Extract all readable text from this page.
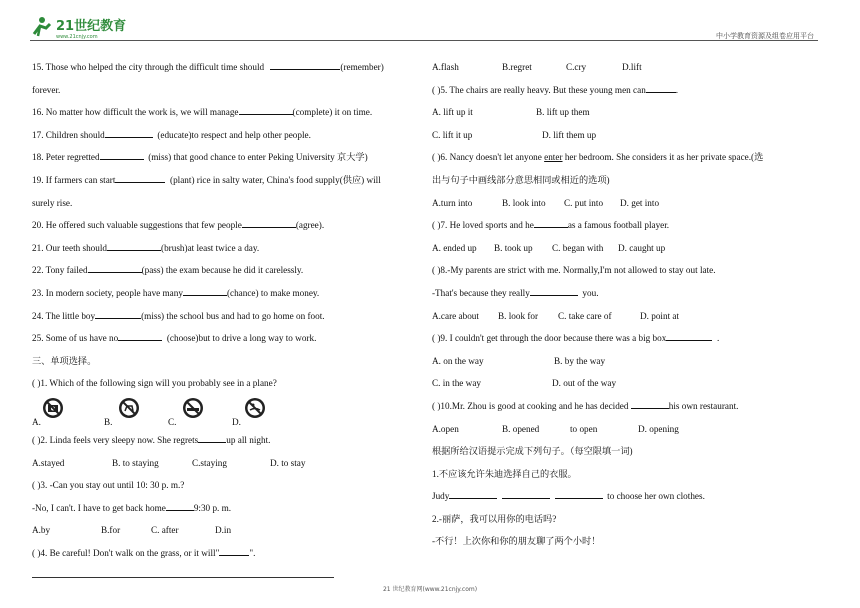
21世纪教育
www.21cnjy.com	中小学教育资源及组卷应用平台
15. Those who helped the city through the difficult time should	(remember)
forever.
16. No matter how difficult the work is, we will manage	(complete) it on time.
17. Children should	(educate)to respect and help other people.
18. Peter regretted	(miss) that good chance to enter Peking University 京大学)
19. If farmers can start	(plant) rice in salty water, China's food supply(供应) will
surely rise.
20. He offered such valuable suggestions that few people	(agree).
21. Our teeth should	(brush)at least twice a day.
22. Tony failed	(pass) the exam because he did it carelessly.
23. In modern society, people have many	(chance) to make money.
24. The little boy	(miss) the school bus and had to go home on foot.
25. Some of us have no	(choose)but to drive a long way to work.
三、单项选择。
( )1. Which of the following sign will you probably see in a plane?
A.	B.	C.	D.
( )2. Linda feels very sleepy now. She regrets	up all night.
A.stayed	B. to staying	C.staying	D. to stay
( )3. -Can you stay out until 10: 30 p. m.?
-No, I can't. I have to get back home	9:30 p. m.
A.by	B.for	C. after	D.in
( )4. Be careful! Don't walk on the grass, or it will"	".
A.flash	B.regret	C.cry	D.lift
( )5. The chairs are really heavy. But these young men can	.
A. lift up it	B. lift up them
C. lift it up	D. lift them up
( )6. Nancy doesn't let anyone enter her bedroom. She considers it as her private space.(选
出与句子中画线部分意思相同或相近的选项)
A.turn into	B. look into C. put into D. get into
( )7. He loved sports and he	as a famous football player.
A. ended up B. took up C. began with D. caught up
( )8.-My parents are strict with me. Normally,I'm not allowed to stay out late.
-That's because they really	you.
A.care about B. look for C. take care of	D. point at
( )9. I couldn't get through the door because there was a big box	.
A. on the way	B. by the way
C. in the way	D. out of the way
( )10.Mr. Zhou is good at cooking and he has decided	his own restaurant.
A.open	B. opened	to open	D. opening
根据所给汉语提示完成下列句子。（每空限填一词)
1.不应该允许朱迪选择自己的衣服。
Judy	to choose her own clothes.
2.-丽萨，我可以用你的电话吗?
-不行！上次你和你的朋友聊了两个小时！
21 世纪教育网(www.21cnjy.com)
